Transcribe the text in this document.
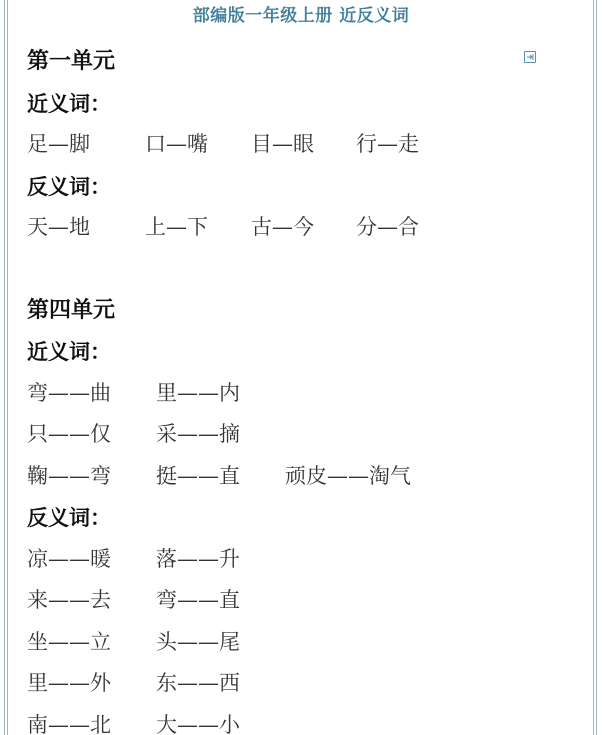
部编版一年级上册 近反义词
第一单元
近义词：
足—脚	口—嘴 目—眼 行—走
反义词：
天—地	上—下 古—今 分—合
第四单元
近义词：
弯——曲 里——内
只——仅 采——摘
鞠——弯 挺——直 顽皮——淘气
反义词：
凉——暖 落——升
来——去 弯——直
坐——立 头——尾
里——外 东——西
南——北 大——小
